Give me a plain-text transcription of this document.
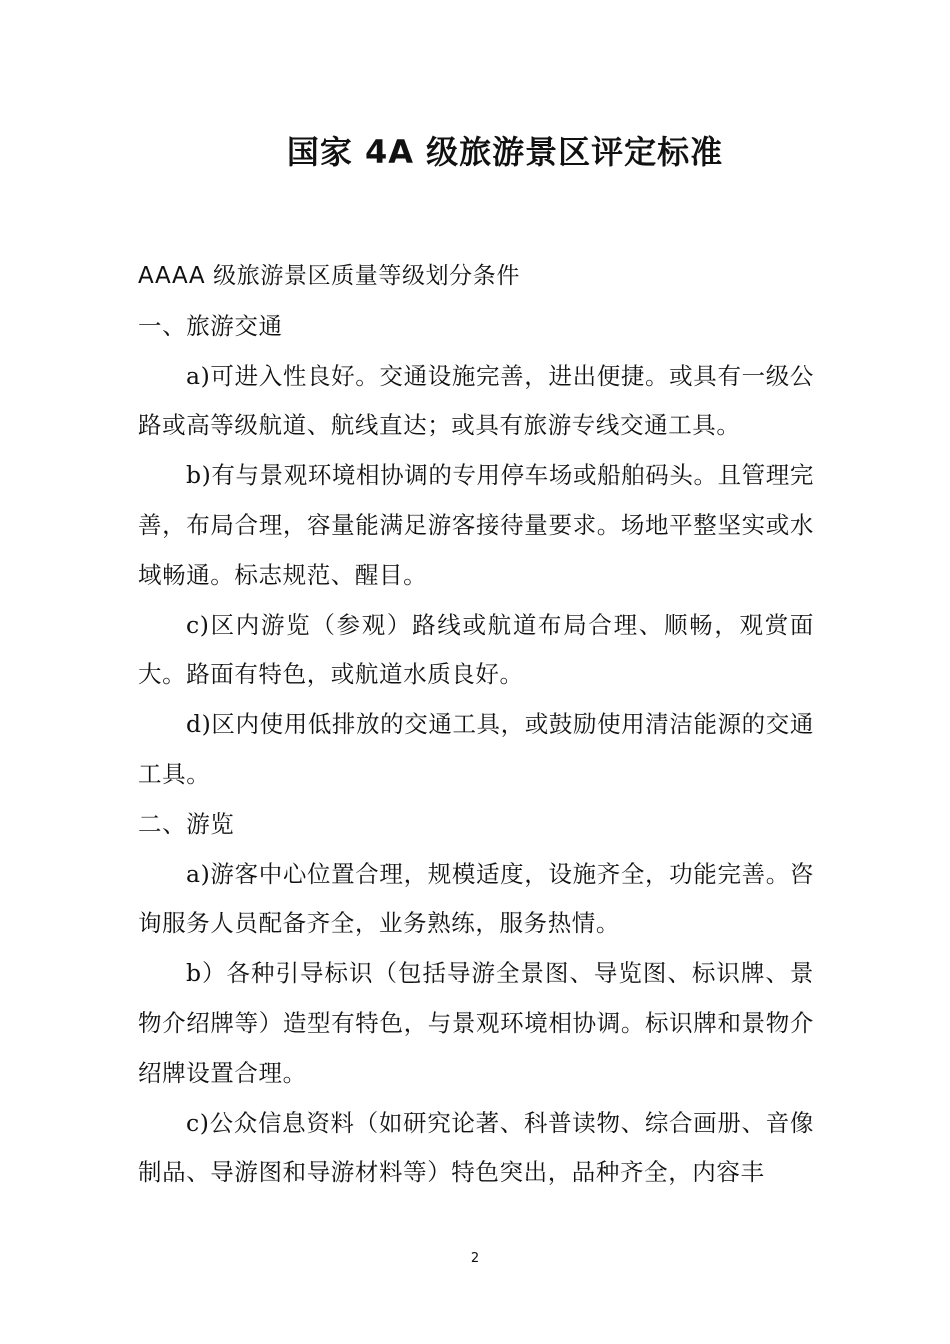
国家 4A 级旅游景区评定标准

AAAA 级旅游景区质量等级划分条件

一、旅游交通

a)可进入性良好。交通设施完善，进出便捷。或具有一级公路或高等级航道、航线直达；或具有旅游专线交通工具。

b)有与景观环境相协调的专用停车场或船舶码头。且管理完善，布局合理，容量能满足游客接待量要求。场地平整坚实或水域畅通。标志规范、醒目。

c)区内游览（参观）路线或航道布局合理、顺畅，观赏面大。路面有特色，或航道水质良好。

d)区内使用低排放的交通工具，或鼓励使用清洁能源的交通工具。

二、游览

a)游客中心位置合理，规模适度，设施齐全，功能完善。咨询服务人员配备齐全，业务熟练，服务热情。

b）各种引导标识（包括导游全景图、导览图、标识牌、景物介绍牌等）造型有特色，与景观环境相协调。标识牌和景物介绍牌设置合理。

c)公众信息资料（如研究论著、科普读物、综合画册、音像制品、导游图和导游材料等）特色突出，品种齐全，内容丰

2
